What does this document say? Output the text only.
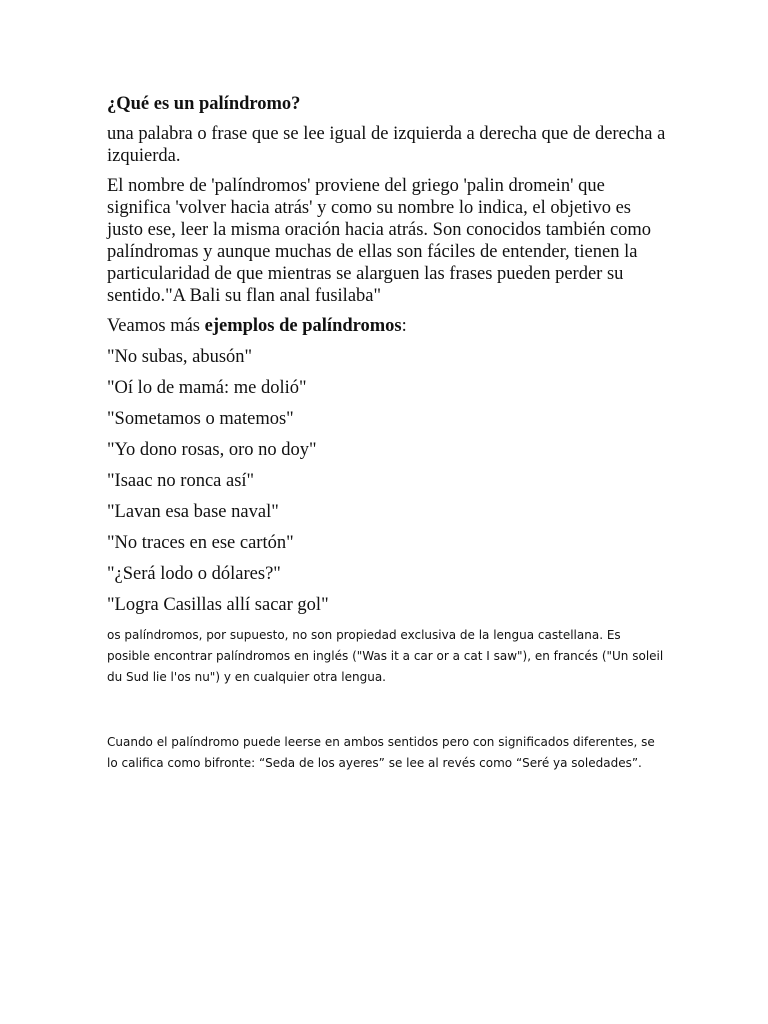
¿Qué es un palíndromo?

una palabra o frase que se lee igual de izquierda a derecha que de derecha a izquierda.

El nombre de 'palíndromos' proviene del griego 'palin dromein' que significa 'volver hacia atrás' y como su nombre lo indica, el objetivo es justo ese, leer la misma oración hacia atrás. Son conocidos también como palíndromas y aunque muchas de ellas son fáciles de entender, tienen la particularidad de que mientras se alarguen las frases pueden perder su sentido."A Bali su flan anal fusilaba"

Veamos más ejemplos de palíndromos:

"No subas, abusón"
"Oí lo de mamá: me dolió"
"Sometamos o matemos"
"Yo dono rosas, oro no doy"
"Isaac no ronca así"
"Lavan esa base naval"
"No traces en ese cartón"
"¿Será lodo o dólares?"
"Logra Casillas allí sacar gol"

os palíndromos, por supuesto, no son propiedad exclusiva de la lengua castellana. Es posible encontrar palíndromos en inglés ("Was it a car or a cat I saw"), en francés ("Un soleil du Sud lie l'os nu") y en cualquier otra lengua.

Cuando el palíndromo puede leerse en ambos sentidos pero con significados diferentes, se lo califica como bifronte: “Seda de los ayeres” se lee al revés como “Seré ya soledades”.
